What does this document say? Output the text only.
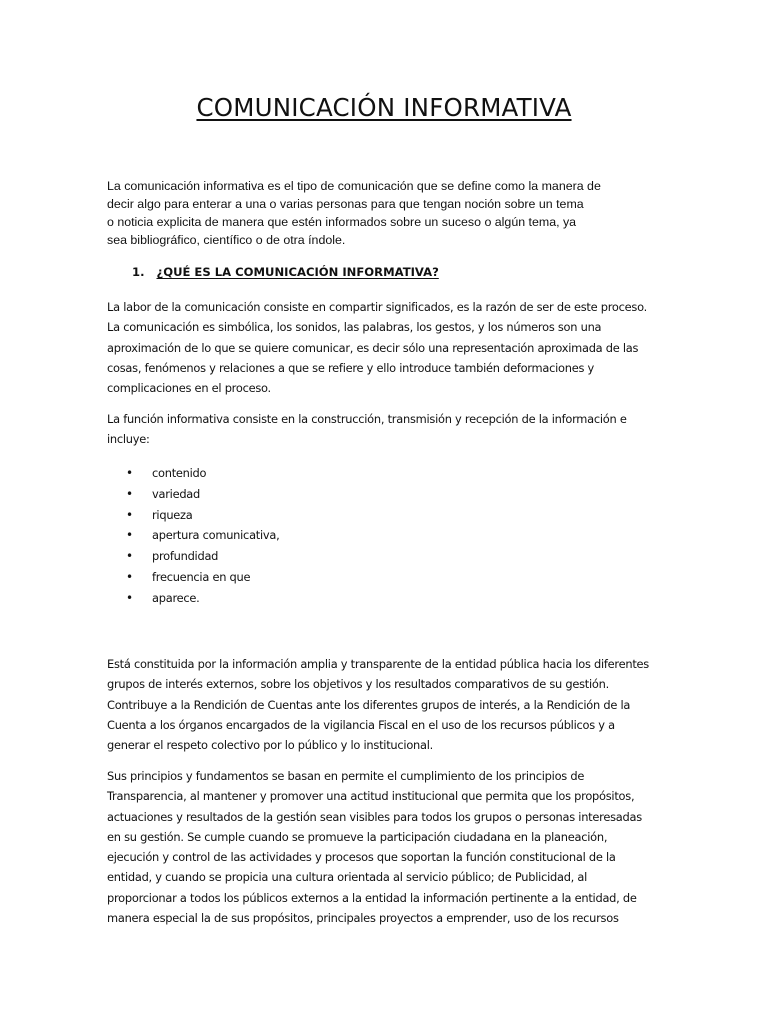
COMUNICACIÓN INFORMATIVA

La comunicación informativa es el tipo de comunicación que se define como la manera de
decir algo para enterar a una o varias personas para que tengan noción sobre un tema
o noticia explicita de manera que estén informados sobre un suceso o algún tema, ya
sea bibliográfico, científico o de otra índole.

1. ¿QUÉ ES LA COMUNICACIÓN INFORMATIVA?

La labor de la comunicación consiste en compartir significados, es la razón de ser de este proceso.
La comunicación es simbólica, los sonidos, las palabras, los gestos, y los números son una
aproximación de lo que se quiere comunicar, es decir sólo una representación aproximada de las
cosas, fenómenos y relaciones a que se refiere y ello introduce también deformaciones y
complicaciones en el proceso.

La función informativa consiste en la construcción, transmisión y recepción de la información e
incluye:

• contenido
• variedad
• riqueza
• apertura comunicativa,
• profundidad
• frecuencia en que
• aparece.

Está constituida por la información amplia y transparente de la entidad pública hacia los diferentes
grupos de interés externos, sobre los objetivos y los resultados comparativos de su gestión.
Contribuye a la Rendición de Cuentas ante los diferentes grupos de interés, a la Rendición de la
Cuenta a los órganos encargados de la vigilancia Fiscal en el uso de los recursos públicos y a
generar el respeto colectivo por lo público y lo institucional.

Sus principios y fundamentos se basan en permite el cumplimiento de los principios de
Transparencia, al mantener y promover una actitud institucional que permita que los propósitos,
actuaciones y resultados de la gestión sean visibles para todos los grupos o personas interesadas
en su gestión. Se cumple cuando se promueve la participación ciudadana en la planeación,
ejecución y control de las actividades y procesos que soportan la función constitucional de la
entidad, y cuando se propicia una cultura orientada al servicio público; de Publicidad, al
proporcionar a todos los públicos externos a la entidad la información pertinente a la entidad, de
manera especial la de sus propósitos, principales proyectos a emprender, uso de los recursos
